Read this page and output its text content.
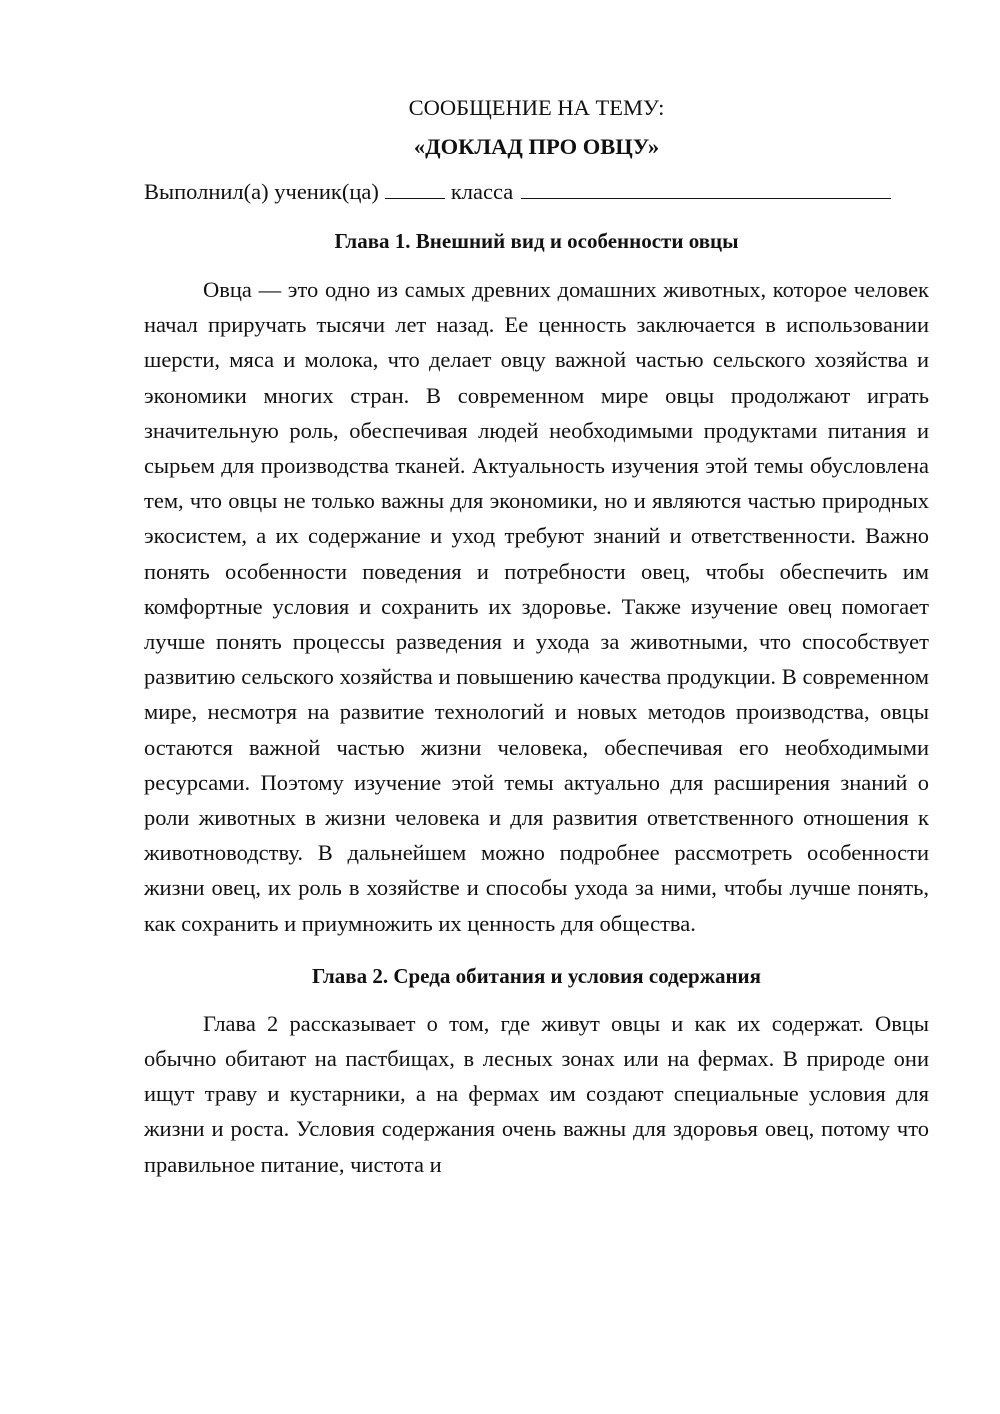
СООБЩЕНИЕ НА ТЕМУ:

«ДОКЛАД ПРО ОВЦУ»

Выполнил(а) ученик(ца)	класса
Глава 1. Внешний вид и особенности овцы

Овца — это одно из самых древних домашних животных, которое человек начал приручать тысячи лет назад. Ее ценность заключается в использовании шерсти, мяса и молока, что делает овцу важной частью сельского хозяйства и экономики многих стран. В современном мире овцы продолжают играть значительную роль, обеспечивая людей необходимыми продуктами питания и сырьем для производства тканей. Актуальность изучения этой темы обусловлена тем, что овцы не только важны для экономики, но и являются частью природных экосистем, а их содержание и уход требуют знаний и ответственности. Важно понять особенности поведения и потребности овец, чтобы обеспечить им комфортные условия и сохранить их здоровье. Также изучение овец помогает лучше понять процессы разведения и ухода за животными, что способствует развитию сельского хозяйства и повышению качества продукции. В современном мире, несмотря на развитие технологий и новых методов производства, овцы остаются важной частью жизни человека, обеспечивая его необходимыми ресурсами. Поэтому изучение этой темы актуально для расширения знаний о роли животных в жизни человека и для развития ответственного отношения к животноводству. В дальнейшем можно подробнее рассмотреть особенности жизни овец, их роль в хозяйстве и способы ухода за ними, чтобы лучше понять, как сохранить и приумножить их ценность для общества.

Глава 2. Среда обитания и условия содержания

Глава 2 рассказывает о том, где живут овцы и как их содержат. Овцы обычно обитают на пастбищах, в лесных зонах или на фермах. В природе они ищут траву и кустарники, а на фермах им создают специальные условия для жизни и роста. Условия содержания очень важны для здоровья овец, потому что правильное питание, чистота и
